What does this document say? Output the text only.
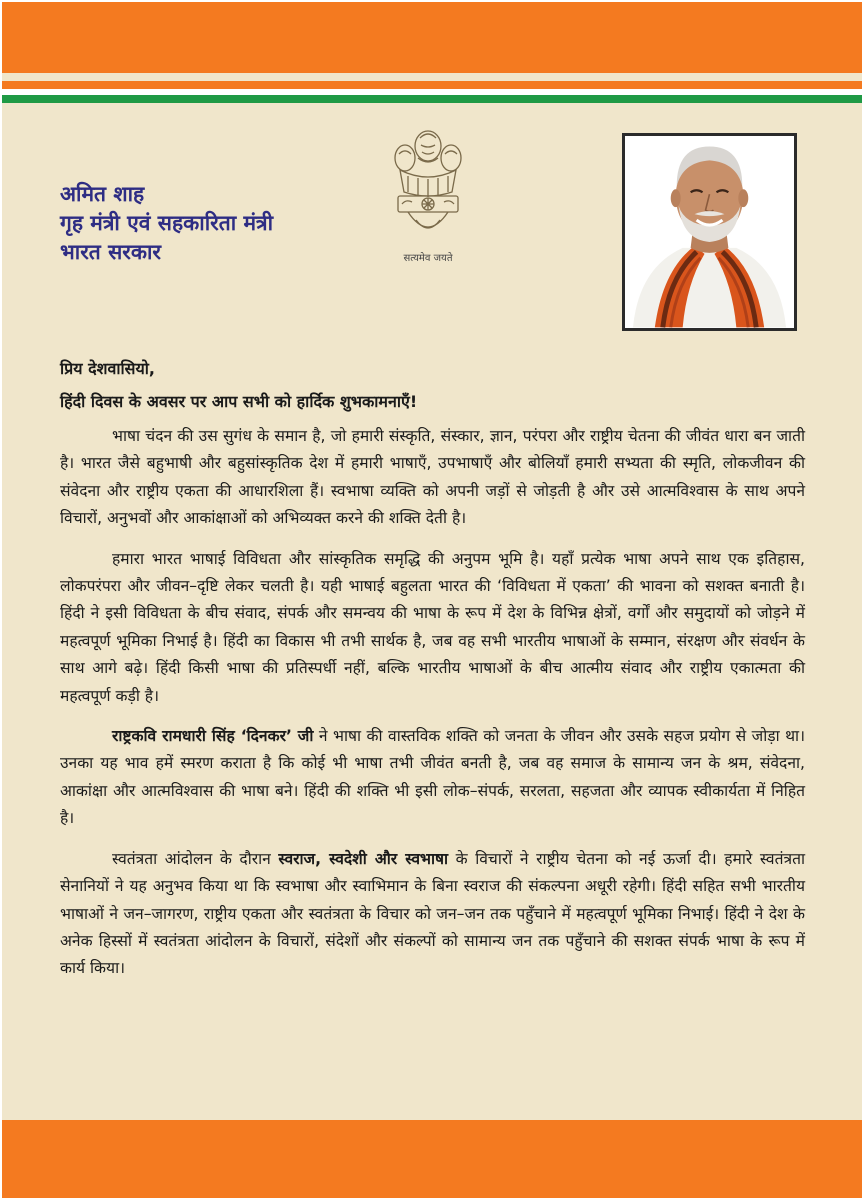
अमित शाह
गृह मंत्री एवं सहकारिता मंत्री
भारत सरकार	सत्यमेव जयते

प्रिय देशवासियो,

हिंदी दिवस के अवसर पर आप सभी को हार्दिक शुभकामनाएँ!

भाषा चंदन की उस सुगंध के समान है, जो हमारी संस्कृति, संस्कार, ज्ञान, परंपरा और राष्ट्रीय चेतना की जीवंत धारा बन जाती है। भारत जैसे बहुभाषी और बहुसांस्कृतिक देश में हमारी भाषाएँ, उपभाषाएँ और बोलियाँ हमारी सभ्यता की स्मृति, लोकजीवन की संवेदना और राष्ट्रीय एकता की आधारशिला हैं। स्वभाषा व्यक्ति को अपनी जड़ों से जोड़ती है और उसे आत्मविश्वास के साथ अपने विचारों, अनुभवों और आकांक्षाओं को अभिव्यक्त करने की शक्ति देती है।

हमारा भारत भाषाई विविधता और सांस्कृतिक समृद्धि की अनुपम भूमि है। यहाँ प्रत्येक भाषा अपने साथ एक इतिहास, लोकपरंपरा और जीवन–दृष्टि लेकर चलती है। यही भाषाई बहुलता भारत की ‘विविधता में एकता’ की भावना को सशक्त बनाती है। हिंदी ने इसी विविधता के बीच संवाद, संपर्क और समन्वय की भाषा के रूप में देश के विभिन्न क्षेत्रों, वर्गों और समुदायों को जोड़ने में महत्वपूर्ण भूमिका निभाई है। हिंदी का विकास भी तभी सार्थक है, जब वह सभी भारतीय भाषाओं के सम्मान, संरक्षण और संवर्धन के साथ आगे बढ़े। हिंदी किसी भाषा की प्रतिस्पर्धी नहीं, बल्कि भारतीय भाषाओं के बीच आत्मीय संवाद और राष्ट्रीय एकात्मता की महत्वपूर्ण कड़ी है।

राष्ट्रकवि रामधारी सिंह ‘दिनकर’ जी ने भाषा की वास्तविक शक्ति को जनता के जीवन और उसके सहज प्रयोग से जोड़ा था। उनका यह भाव हमें स्मरण कराता है कि कोई भी भाषा तभी जीवंत बनती है, जब वह समाज के सामान्य जन के श्रम, संवेदना, आकांक्षा और आत्मविश्वास की भाषा बने। हिंदी की शक्ति भी इसी लोक–संपर्क, सरलता, सहजता और व्यापक स्वीकार्यता में निहित है।

स्वतंत्रता आंदोलन के दौरान स्वराज, स्वदेशी और स्वभाषा के विचारों ने राष्ट्रीय चेतना को नई ऊर्जा दी। हमारे स्वतंत्रता सेनानियों ने यह अनुभव किया था कि स्वभाषा और स्वाभिमान के बिना स्वराज की संकल्पना अधूरी रहेगी। हिंदी सहित सभी भारतीय भाषाओं ने जन–जागरण, राष्ट्रीय एकता और स्वतंत्रता के विचार को जन–जन तक पहुँचाने में महत्वपूर्ण भूमिका निभाई। हिंदी ने देश के अनेक हिस्सों में स्वतंत्रता आंदोलन के विचारों, संदेशों और संकल्पों को सामान्य जन तक पहुँचाने की सशक्त संपर्क भाषा के रूप में कार्य किया।
